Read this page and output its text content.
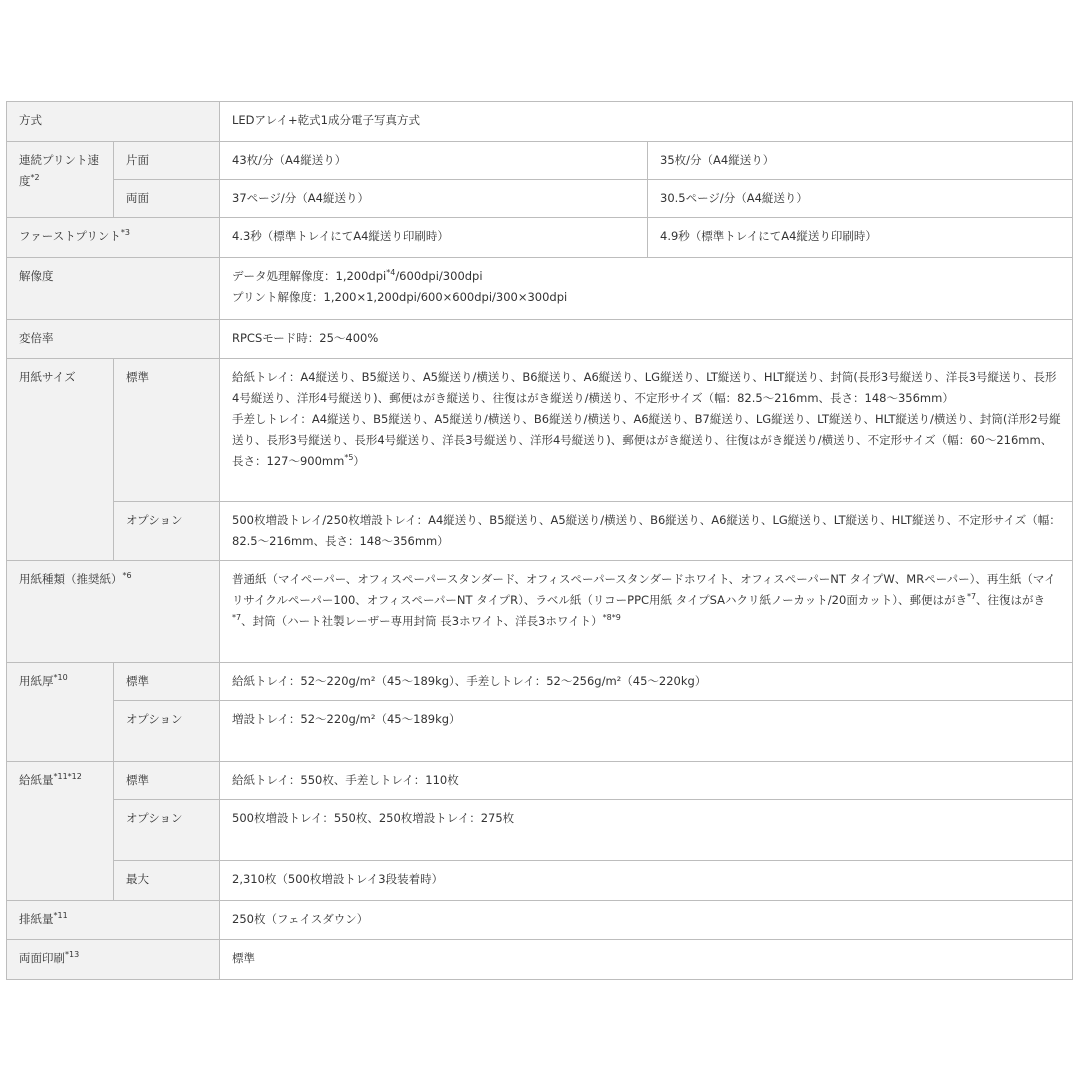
方式		LEDアレイ+乾式1成分電子写真方式	
連続プリント速度$^{*2}$	片面	43枚/分（A4縦送り）	35枚/分（A4縦送り）
	両面	37ページ/分（A4縦送り）	30.5ページ/分（A4縦送り）
ファーストプリント$^{*3}$		4.3秒（標準トレイにてA4縦送り印刷時）	4.9秒（標準トレイにてA4縦送り印刷時）
解像度		データ処理解像度：1,200dpi$^{*4}$/600dpi/300dpi
プリント解像度：1,200×1,200dpi/600×600dpi/300×300dpi	

変倍率		RPCSモード時：25～400%	
用紙サイズ	標準	給紙トレイ：A4縦送り、B5縦送り、A5縦送り/横送り、B6縦送り、A6縦送り、LG縦送り、LT縦送り、HLT縦送り、封筒(長形3号縦送り、洋長3号縦送り、長形4号縦送り、洋形4号縦送り)、郵便はがき縦送り、往復はがき縦送り/横送り、不定形サイズ（幅：82.5～216mm、長さ：148～356mm）
手差しトレイ：A4縦送り、B5縦送り、A5縦送り/横送り、B6縦送り/横送り、A6縦送り、B7縦送り、LG縦送り、LT縦送り、HLT縦送り/横送り、封筒(洋形2号縦送り、長形3号縦送り、長形4号縦送り、洋長3号縦送り、洋形4号縦送り)、郵便はがき縦送り、往復はがき縦送り/横送り、不定形サイズ（幅：60～216mm、長さ：$127\sim 900mm^{*5}$）	

	オプション	500枚増設トレイ/250枚増設トレイ：A4縦送り、B5縦送り、A5縦送り/横送り、B6縦送り、A6縦送り、LG縦送り、LT縦送り、HLT縦送り、不定形サイズ（幅：82.5～216mm、長さ：148～356mm）	
用紙種類（推奨紙）$^{*6}$		普通紙（マイペーパー、オフィスペーパースタンダード、オフィスペーパースタンダードホワイト、オフィスペーパーNT タイプW、MRペーパー）、再生紙（マイリサイクルペーパー100、オフィスペーパーNT タイプR）、ラベル紙（リコーPPC用紙 タイプSAハクリ紙ノーカット/20面カット）、郵便はがき$^{*7}$、往復はがき$^{*7}$、封筒（ハート社製レーザー専用封筒 長3ホワイト、洋長3ホワイト）$^{*8*9}$
用紙厚$^{*10}$	標準	給紙トレイ：52～220g/m²（45～189kg）、手差しトレイ：52～256g/m²（45～220kg）	
	オプション	増設トレイ：52～220g/m²（45～189kg）	
給紙量$^{*11*12}$	標準	給紙トレイ：550枚、手差しトレイ：110枚	
	オプション	500枚増設トレイ：550枚、250枚増設トレイ：275枚	
	最大	2,310枚（500枚増設トレイ3段装着時）	
排紙量$^{*11}$		250枚（フェイスダウン）	
両面印刷$^{*13}$		標準	
